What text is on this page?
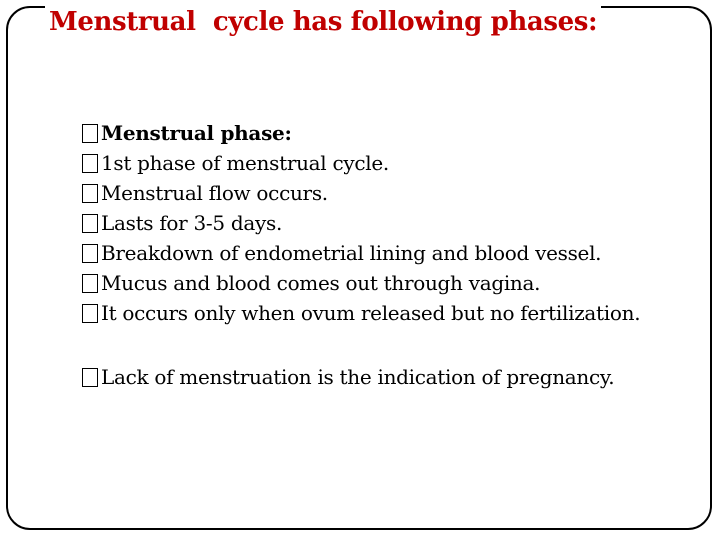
Menstrual  cycle has following phases:
Menstrual phase:
1st phase of menstrual cycle.
Menstrual flow occurs.
Lasts for 3-5 days.
Breakdown of endometrial lining and blood vessel.
Mucus and blood comes out through vagina.
It occurs only when ovum released but no fertilization.
Lack of menstruation is the indication of pregnancy.
